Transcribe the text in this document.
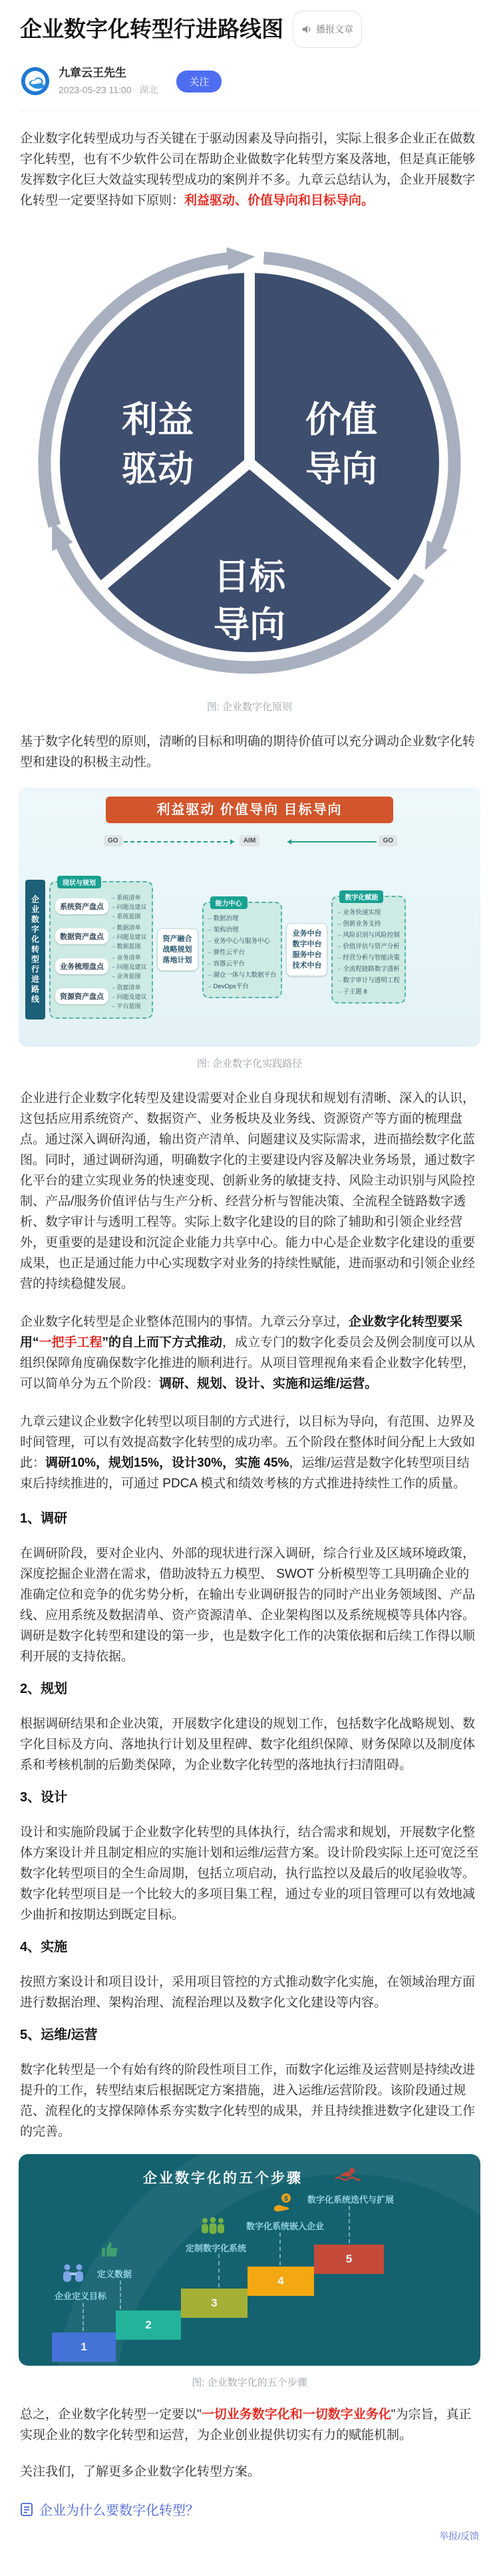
企业数字化转型行进路线图	播报文章
九章云王先生
2023-05-23 11:00 湖北
关注

企业数字化转型成功与否关键在于驱动因素及导向指引，实际上很多企业正在做数字化转型，也有不少软件公司在帮助企业做数字化转型方案及落地，但是真正能够发挥数字化巨大效益实现转型成功的案例并不多。九章云总结认为，企业开展数字化转型一定要坚持如下原则：利益驱动、价值导向和目标导向。

利益
驱动
价值
导向
目标
导向
图: 企业数字化原则

基于数字化转型的原则，清晰的目标和明确的期待价值可以充分调动企业数字化转型和建设的积极主动性。

利益驱动 价值导向 目标导向
GO	AIM	GO
企业数字化转型行进路线
现状与规划
系统资产盘点
– 系统清单
– 问题及建议
– 系统蓝图
数据资产盘点
– 数据清单
– 问题及建议
– 数据蓝图
业务梳理盘点
– 业务清单
– 问题及建议
– 业务蓝图
资源资产盘点
– 资源清单
– 问题及建议
– 平台蓝图
资产融合
战略规划
落地计划
能力中心
– 数据治理
– 架构治理
– 业务中心与服务中心
– 弹性云平台
– 容器云平台
– 湖仓一体与大数据平台
– DevOps平台
业务中台
数字中台
服务中台
技术中台
数字化赋能
– 业务快速实现
– 创新业务支持
– 风险识别与风险控制
– 价值评估与资产分析
– 经营分析与智能决策
– 全流程链路数字透析
– 数字审计与透明工程
– 子主题 8
图: 企业数字化实践路径

企业进行企业数字化转型及建设需要对企业自身现状和规划有清晰、深入的认识，这包括应用系统资产、数据资产、业务板块及业务线、资源资产等方面的梳理盘点。通过深入调研沟通，输出资产清单、问题建议及实际需求，进而描绘数字化蓝图。同时，通过调研沟通，明确数字化的主要建设内容及解决业务场景，通过数字化平台的建立实现业务的快速变现、创新业务的敏捷支持、风险主动识别与风险控制、产品/服务价值评估与生产分析、经营分析与智能决策、全流程全链路数字透析、数字审计与透明工程等。实际上数字化建设的目的除了辅助和引领企业经营外，更重要的是建设和沉淀企业能力共享中心。能力中心是企业数字化建设的重要成果，也正是通过能力中心实现数字对业务的持续性赋能，进而驱动和引领企业经营的持续稳健发展。

企业数字化转型是企业整体范围内的事情。九章云分享过，企业数字化转型要采用“一把手工程”的自上而下方式推动，成立专门的数字化委员会及例会制度可以从组织保障角度确保数字化推进的顺利进行。从项目管理视角来看企业数字化转型，可以简单分为五个阶段：调研、规划、设计、实施和运维/运营。

九章云建议企业数字化转型以项目制的方式进行，以目标为导向，有范围、边界及时间管理，可以有效提高数字化转型的成功率。五个阶段在整体时间分配上大致如此：调研10%，规划15%，设计30%，实施 45%，运维/运营是数字化转型项目结束后持续推进的，可通过 PDCA 模式和绩效考核的方式推进持续性工作的质量。

1、调研

在调研阶段，要对企业内、外部的现状进行深入调研，综合行业及区域环境政策，深度挖掘企业潜在需求，借助波特五力模型、 SWOT 分析模型等工具明确企业的准确定位和竞争的优劣势分析，在输出专业调研报告的同时产出业务领域图、产品线、应用系统及数据清单、资产资源清单、企业架构图以及系统规模等具体内容。调研是数字化转型和建设的第一步，也是数字化工作的决策依据和后续工作得以顺利开展的支持依据。

2、规划

根据调研结果和企业决策，开展数字化建设的规划工作，包括数字化战略规划、数字化目标及方向、落地执行计划及里程碑、数字化组织保障、财务保障以及制度体系和考核机制的后勤类保障，为企业数字化转型的落地执行扫清阻碍。

3、设计

设计和实施阶段属于企业数字化转型的具体执行，结合需求和规划，开展数字化整体方案设计并且制定相应的实施计划和运维/运营方案。设计阶段实际上还可宽泛至数字化转型项目的全生命周期，包括立项启动，执行监控以及最后的收尾验收等。数字化转型项目是一个比较大的多项目集工程，通过专业的项目管理可以有效地减少曲折和按期达到既定目标。

4、实施

按照方案设计和项目设计，采用项目管控的方式推动数字化实施，在领域治理方面进行数据治理、架构治理、流程治理以及数字化文化建设等内容。

5、运维/运营

数字化转型是一个有始有终的阶段性项目工作，而数字化运维及运营则是持续改进提升的工作，转型结束后根据既定方案措施，进入运维/运营阶段。该阶段通过规范、流程化的支撑保障体系夯实数字化转型的成果，并且持续推进数字化建设工作的完善。

企业数字化的五个步骤
$
企业定义目标
定义数据
定制数字化系统
数字化系统嵌入企业
数字化系统迭代与扩展
1
2
3
4
5
图: 企业数字化的五个步骤

总之，企业数字化转型一定要以"一切业务数字化和一切数字业务化"为宗旨，真正实现企业的数字化转型和运营，为企业创业提供切实有力的赋能机制。

关注我们，了解更多企业数字化转型方案。

企业为什么要数字化转型？
举报/反馈
